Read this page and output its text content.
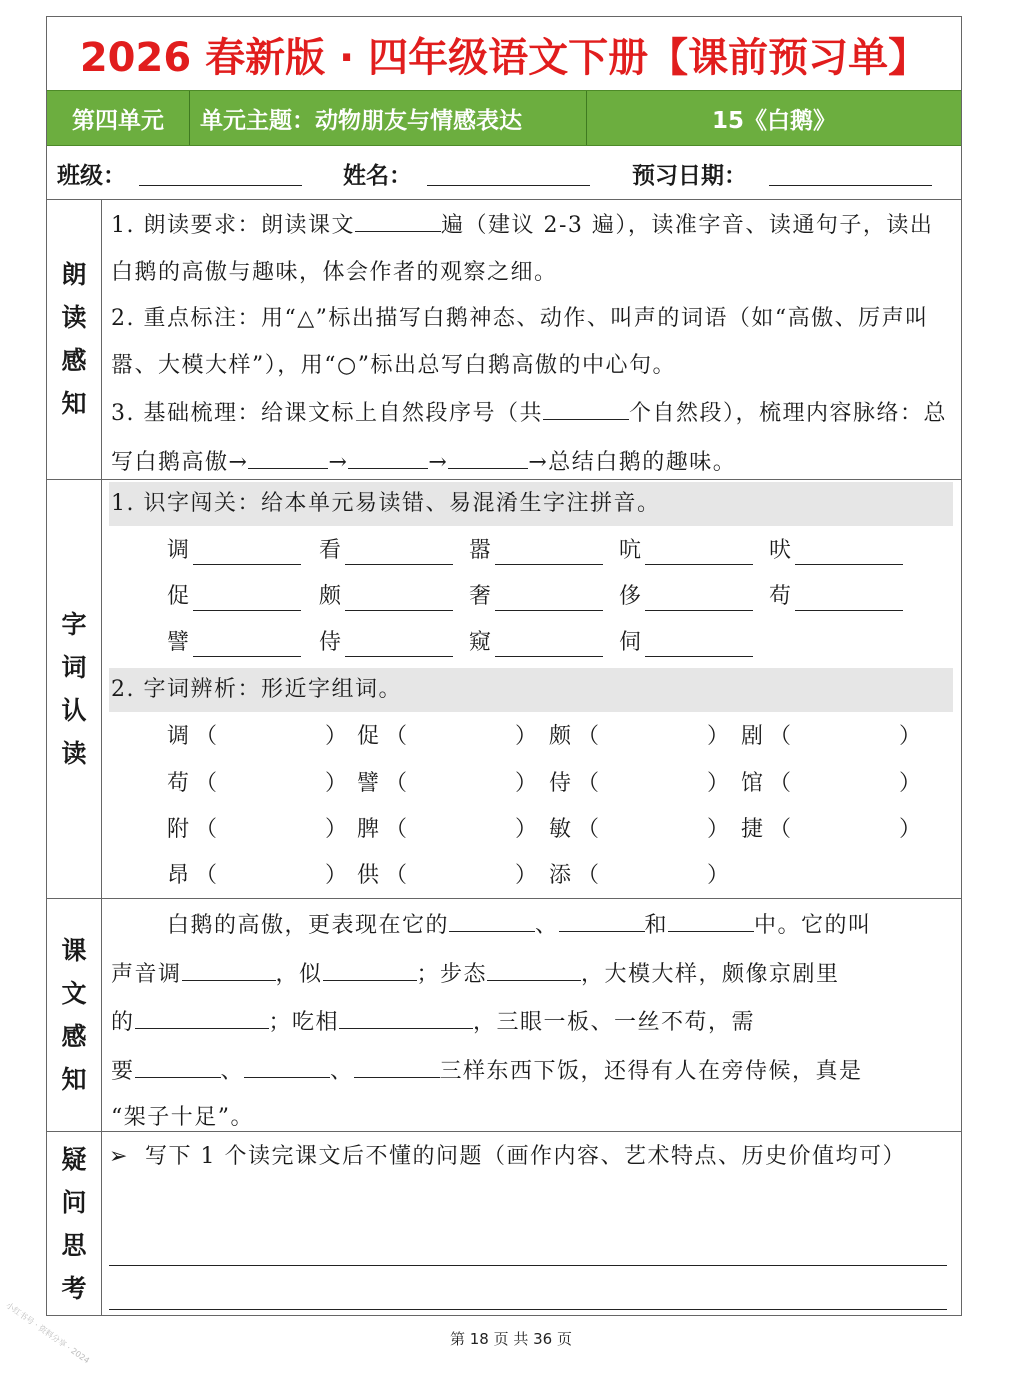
2026 春新版 · 四年级语文下册【课前预习单】
第四单元	单元主题：动物朋友与情感表达	15《白鹅》
班级：	姓名：	预习日期：
朗
读
感
知
1. 朗读要求：朗读课文	遍（建议 2-3 遍），读准字音、读通句子，读出白鹅的高傲与趣味，体会作者的观察之细。
2. 重点标注：用“△”标出描写白鹅神态、动作、叫声的词语（如“高傲、厉声叫嚣、大模大样”），用“○”标出总写白鹅高傲的中心句。
3. 基础梳理：给课文标上自然段序号（共	个自然段），梳理内容脉络：总写白鹅高傲→	→	→	→总结白鹅的趣味。
字
词
认
读
1. 识字闯关：给本单元易读错、易混淆生字注拼音。
调	看	嚣	吭	吠
促	颇	奢	侈	苟
譬	侍	窥	伺
2. 字词辨析：形近字组词。
调 （	） 促 （	） 颇 （	） 剧 （	）
苟 （	） 譬 （	） 侍 （	） 馆 （	）
附 （	） 脾 （	） 敏 （	） 捷 （	）
昂 （	） 供 （	） 添 （	）
课
文
感
知
白鹅的高傲，更表现在它的	、	和	中。它的叫
声音调	，似	；步态	，大模大样，颇像京剧里
的	；吃相	，三眼一板、一丝不苟，需
要	、	、	三样东西下饭，还得有人在旁侍候，真是
“架子十足”。
疑
问
思
考
➢ 写下 1 个读完课文后不懂的问题（画作内容、艺术特点、历史价值均可）
第 18 页 共 36 页
小红书号 · 资料分享 · 2024
